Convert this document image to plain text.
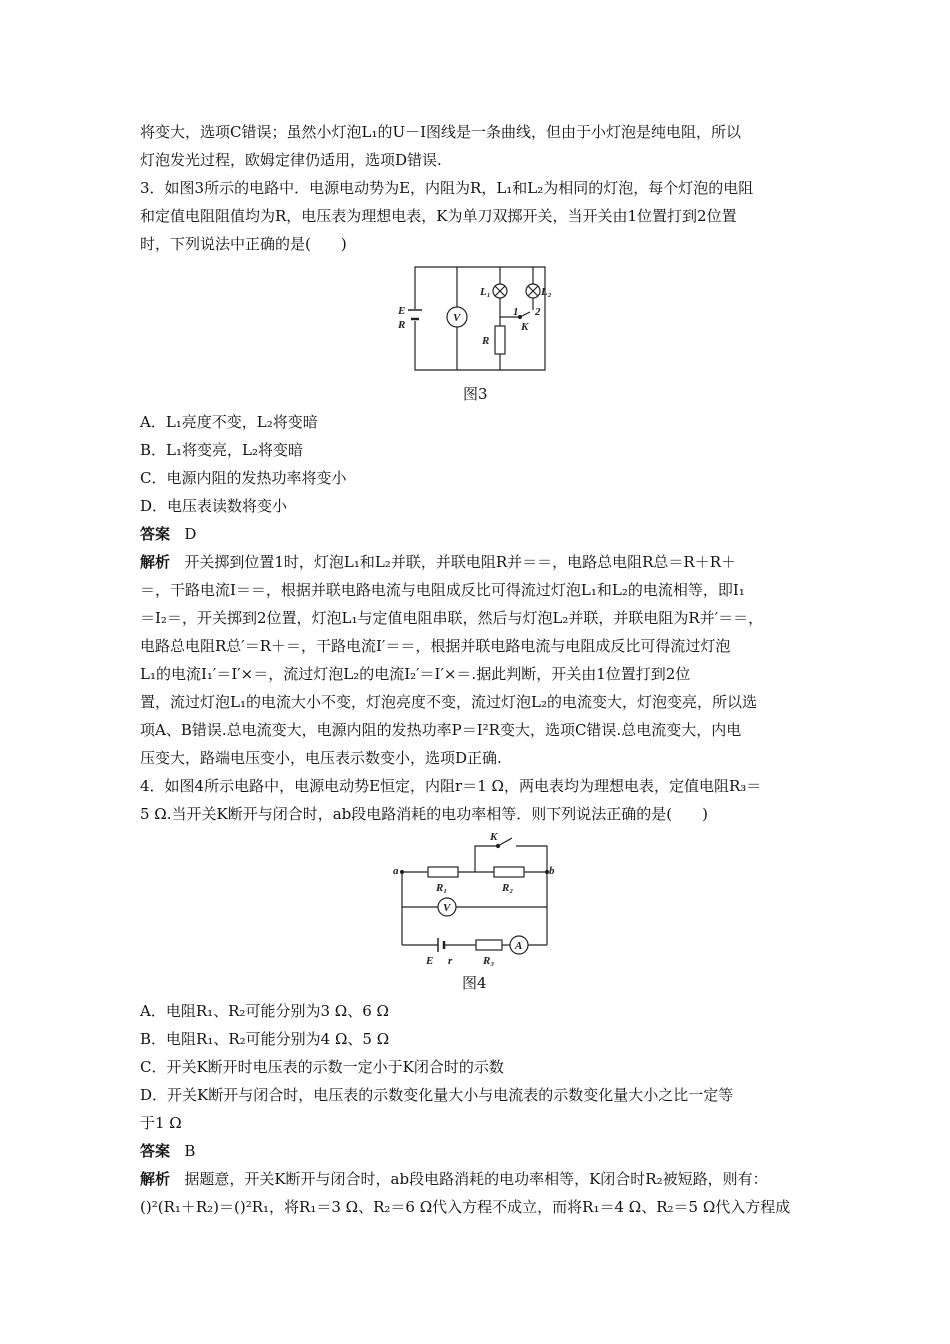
将变大，选项C错误；虽然小灯泡L₁的U－I图线是一条曲线，但由于小灯泡是纯电阻，所以
灯泡发光过程，欧姆定律仍适用，选项D错误.
3．如图3所示的电路中．电源电动势为E，内阻为R，L₁和L₂为相同的灯泡，每个灯泡的电阻
和定值电阻阻值均为R，电压表为理想电表，K为单刀双掷开关，当开关由1位置打到2位置
时，下列说法中正确的是(　　)
E
R
V
L₁	L₂
1 2
K
R
图3
A．L₁亮度不变，L₂将变暗
B．L₁将变亮，L₂将变暗
C．电源内阻的发热功率将变小
D．电压表读数将变小
答案 D
解析 开关掷到位置1时，灯泡L₁和L₂并联，并联电阻R并＝＝，电路总电阻R总＝R＋R＋
＝，干路电流I＝＝，根据并联电路电流与电阻成反比可得流过灯泡L₁和L₂的电流相等，即I₁
＝I₂＝，开关掷到2位置，灯泡L₁与定值电阻串联，然后与灯泡L₂并联，并联电阻为R并′＝＝，
电路总电阻R总′＝R＋＝，干路电流I′＝＝，根据并联电路电流与电阻成反比可得流过灯泡
L₁的电流I₁′＝I′×＝，流过灯泡L₂的电流I₂′＝I′×＝.据此判断，开关由1位置打到2位
置，流过灯泡L₁的电流大小不变，灯泡亮度不变，流过灯泡L₂的电流变大，灯泡变亮，所以选
项A、B错误.总电流变大，电源内阻的发热功率P＝I²R变大，选项C错误.总电流变大，内电
压变大，路端电压变小，电压表示数变小，选项D正确.
4．如图4所示电路中，电源电动势E恒定，内阻r＝1 Ω，两电表均为理想电表，定值电阻R₃＝
5 Ω.当开关K断开与闭合时，ab段电路消耗的电功率相等．则下列说法正确的是(　　)
K
a	b
R₁	R₂
V
A
E r	R₃
图4
A．电阻R₁、R₂可能分别为3 Ω、6 Ω
B．电阻R₁、R₂可能分别为4 Ω、5 Ω
C．开关K断开时电压表的示数一定小于K闭合时的示数
D．开关K断开与闭合时，电压表的示数变化量大小与电流表的示数变化量大小之比一定等
于1 Ω
答案 B
解析 据题意，开关K断开与闭合时，ab段电路消耗的电功率相等，K闭合时R₂被短路，则有：
()²(R₁＋R₂)＝()²R₁，将R₁＝3 Ω、R₂＝6 Ω代入方程不成立，而将R₁＝4 Ω、R₂＝5 Ω代入方程成
